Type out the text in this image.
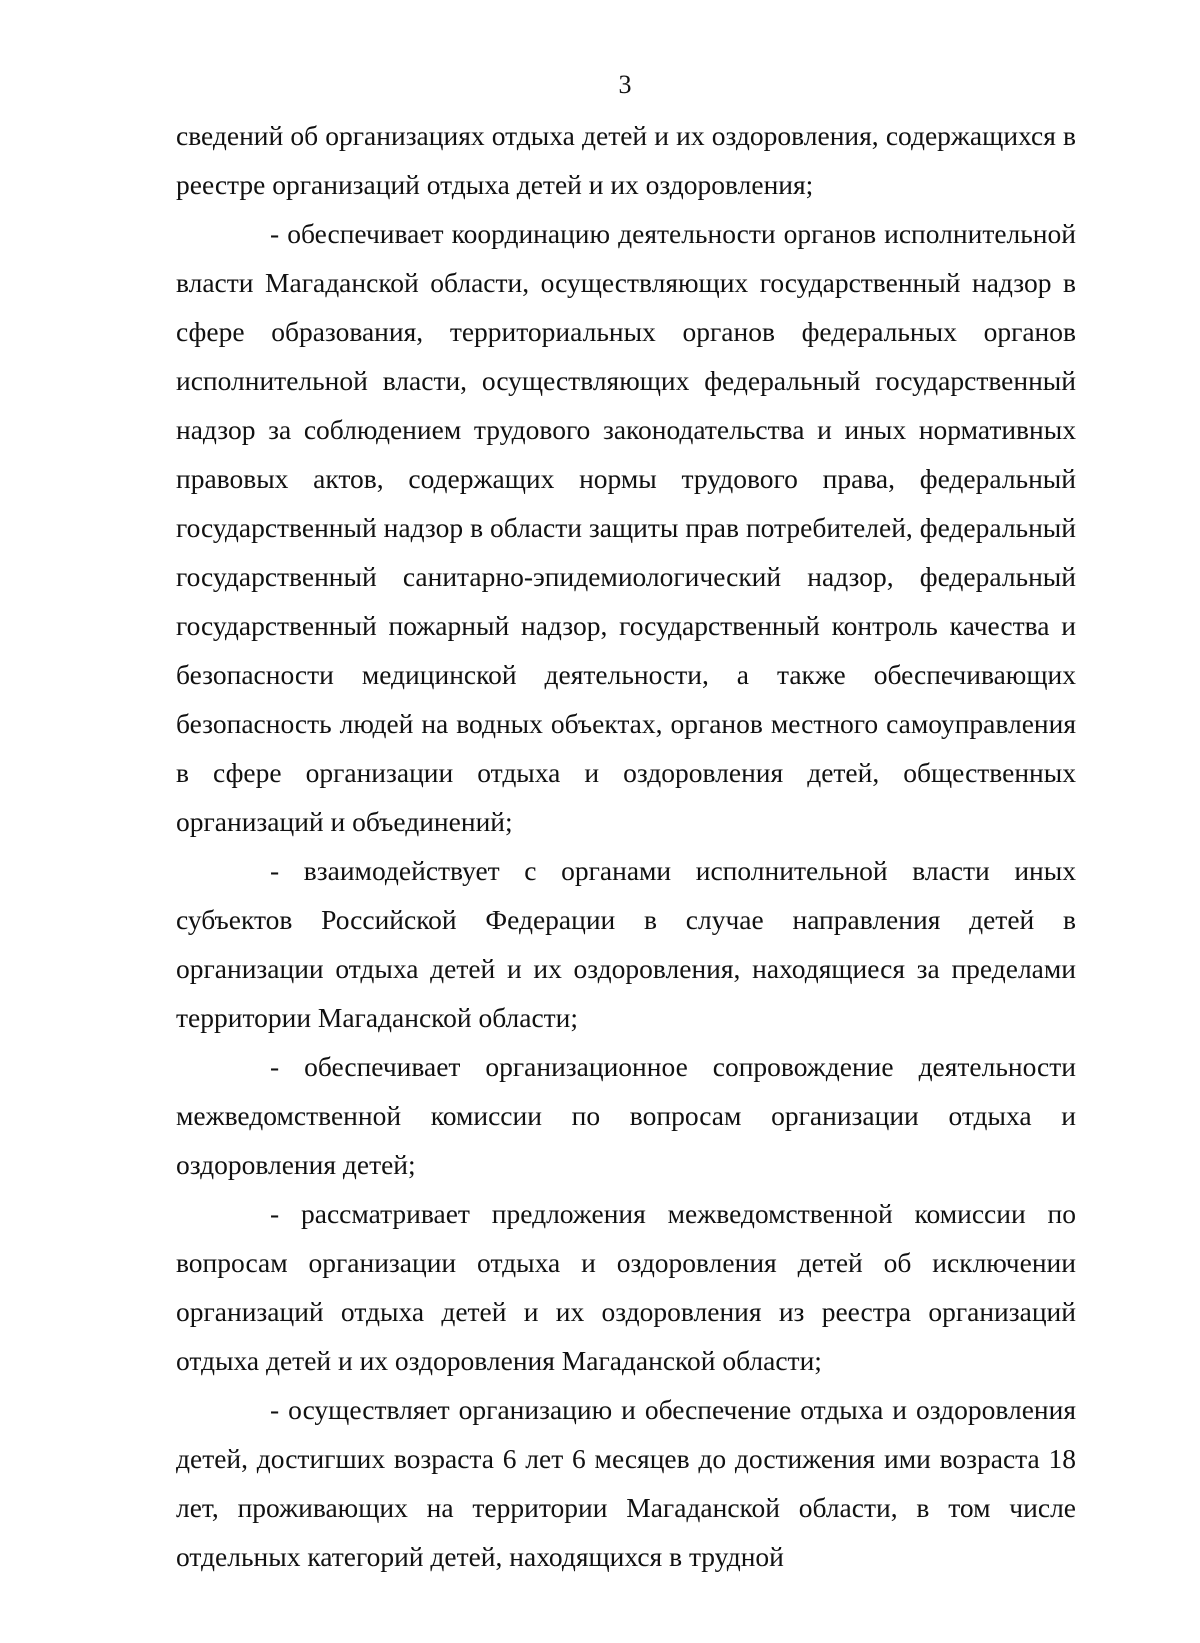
3

сведений об организациях отдыха детей и их оздоровления, содержащихся в реестре организаций отдыха детей и их оздоровления;

- обеспечивает координацию деятельности органов исполнительной власти Магаданской области, осуществляющих государственный надзор в сфере образования, территориальных органов федеральных органов исполнительной власти, осуществляющих федеральный государственный надзор за соблюдением трудового законодательства и иных нормативных правовых актов, содержащих нормы трудового права, федеральный государственный надзор в области защиты прав потребителей, федеральный государственный санитарно-эпидемиологический надзор, федеральный государственный пожарный надзор, государственный контроль качества и безопасности медицинской деятельности, а также обеспечивающих безопасность людей на водных объектах, органов местного самоуправления в сфере организации отдыха и оздоровления детей, общественных организаций и объединений;

- взаимодействует с органами исполнительной власти иных субъектов Российской Федерации в случае направления детей в организации отдыха детей и их оздоровления, находящиеся за пределами территории Магаданской области;

- обеспечивает организационное сопровождение деятельности межведомственной комиссии по вопросам организации отдыха и оздоровления детей;

- рассматривает предложения межведомственной комиссии по вопросам организации отдыха и оздоровления детей об исключении организаций отдыха детей и их оздоровления из реестра организаций отдыха детей и их оздоровления Магаданской области;

- осуществляет организацию и обеспечение отдыха и оздоровления детей, достигших возраста 6 лет 6 месяцев до достижения ими возраста 18 лет, проживающих на территории Магаданской области, в том числе отдельных категорий детей, находящихся в трудной
